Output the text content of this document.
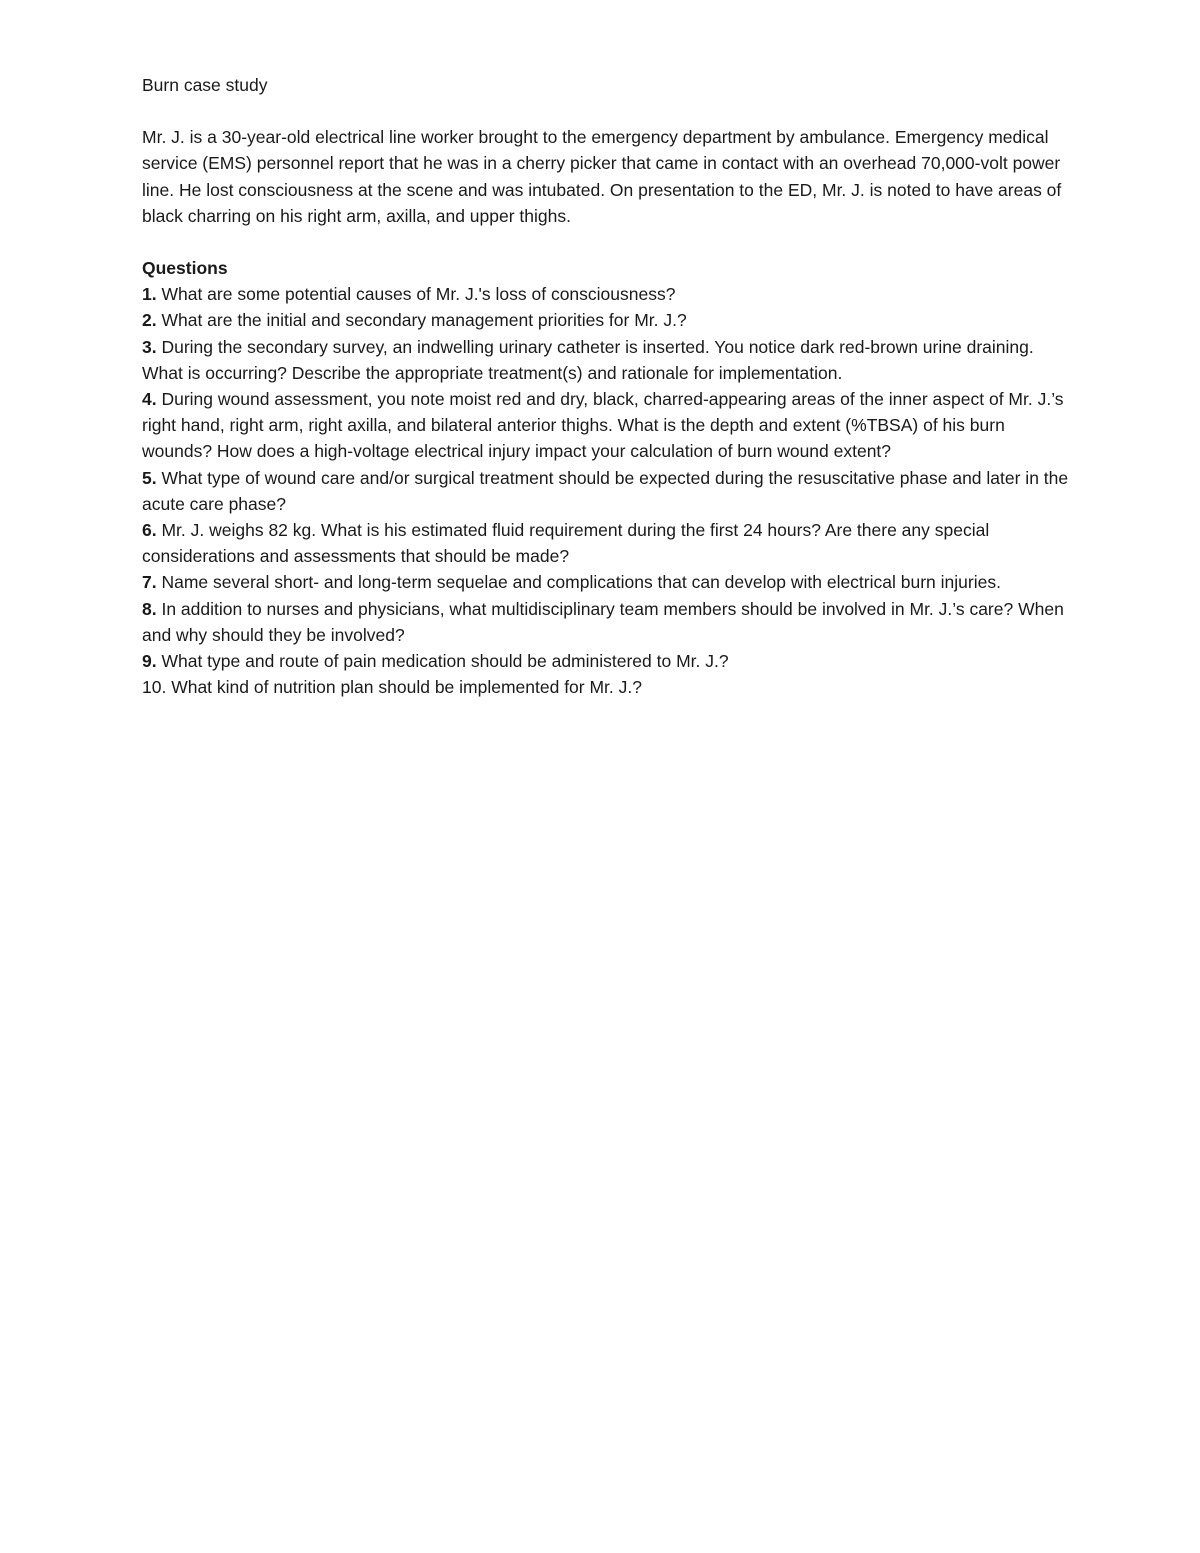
Burn case study
Mr. J. is a 30-year-old electrical line worker brought to the emergency department by ambulance. Emergency medical service (EMS) personnel report that he was in a cherry picker that came in contact with an overhead 70,000-volt power line. He lost consciousness at the scene and was intubated. On presentation to the ED, Mr. J. is noted to have areas of black charring on his right arm, axilla, and upper thighs.
Questions
1. What are some potential causes of Mr. J.'s loss of consciousness?
2. What are the initial and secondary management priorities for Mr. J.?
3. During the secondary survey, an indwelling urinary catheter is inserted. You notice dark red-brown urine draining. What is occurring? Describe the appropriate treatment(s) and rationale for implementation.
4. During wound assessment, you note moist red and dry, black, charred-appearing areas of the inner aspect of Mr. J.’s right hand, right arm, right axilla, and bilateral anterior thighs. What is the depth and extent (%TBSA) of his burn wounds? How does a high-voltage electrical injury impact your calculation of burn wound extent?
5. What type of wound care and/or surgical treatment should be expected during the resuscitative phase and later in the acute care phase?
6. Mr. J. weighs 82 kg. What is his estimated fluid requirement during the first 24 hours? Are there any special considerations and assessments that should be made?
7. Name several short- and long-term sequelae and complications that can develop with electrical burn injuries.
8. In addition to nurses and physicians, what multidisciplinary team members should be involved in Mr. J.’s care? When and why should they be involved?
9. What type and route of pain medication should be administered to Mr. J.?
10. What kind of nutrition plan should be implemented for Mr. J.?
